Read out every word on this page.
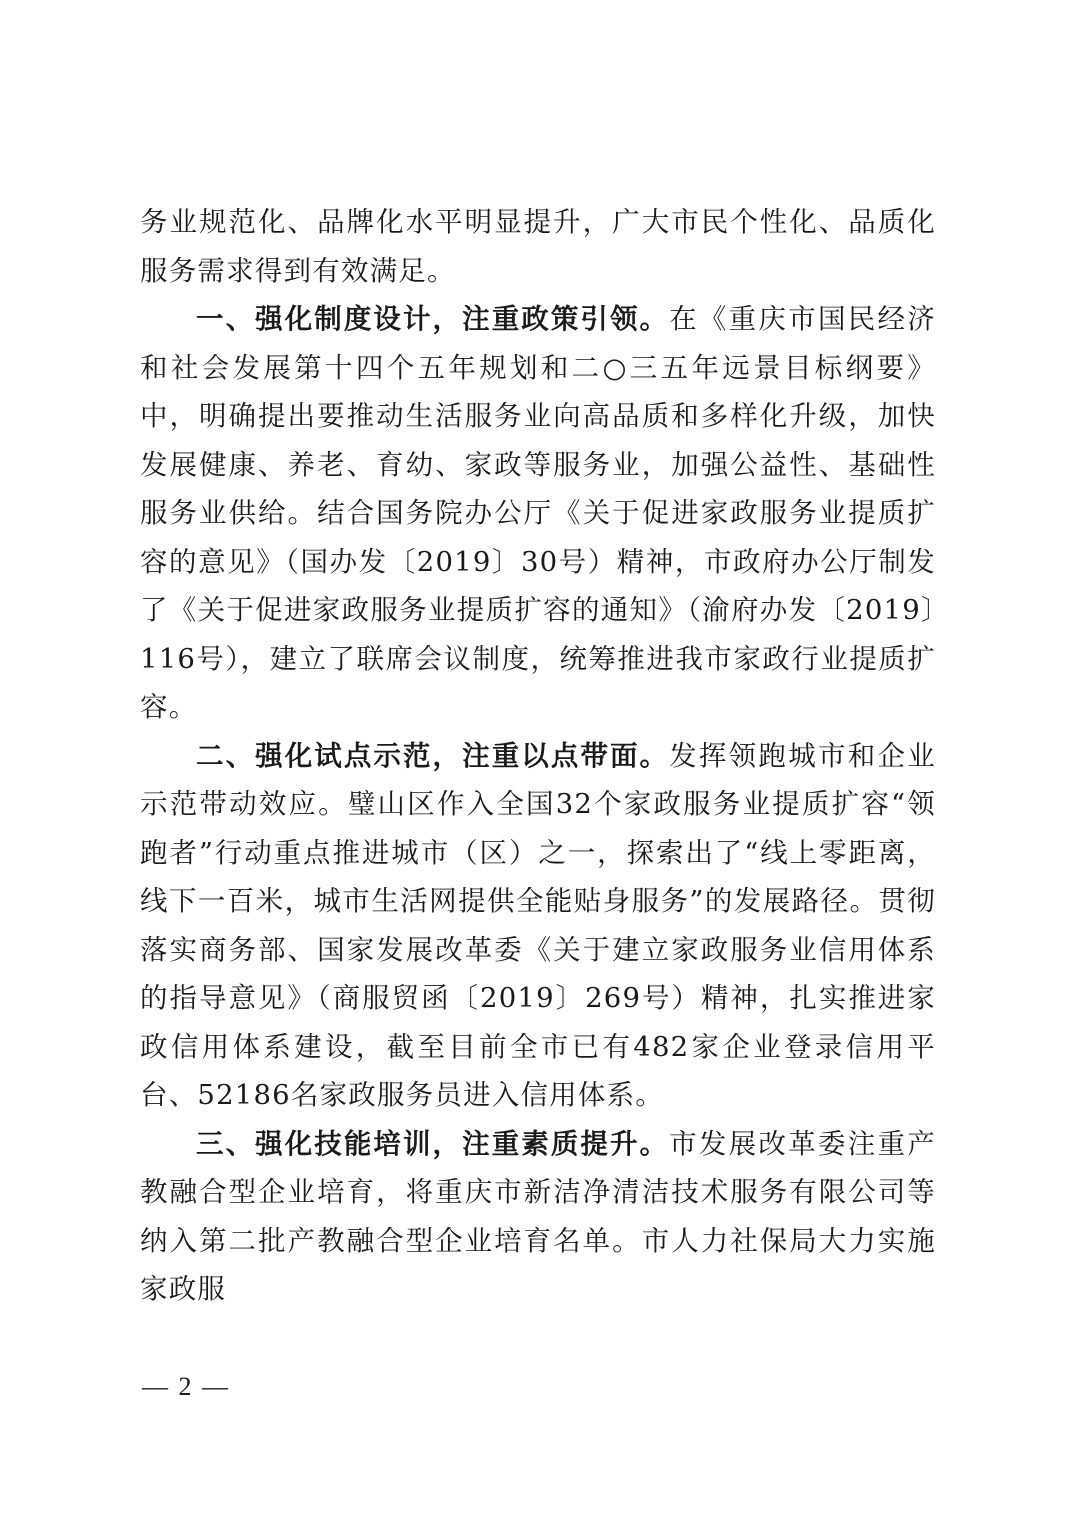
务业规范化、品牌化水平明显提升，广大市民个性化、品质化服务需求得到有效满足。

一、强化制度设计，注重政策引领。在《重庆市国民经济和社会发展第十四个五年规划和二○三五年远景目标纲要》中，明确提出要推动生活服务业向高品质和多样化升级，加快发展健康、养老、育幼、家政等服务业，加强公益性、基础性服务业供给。结合国务院办公厅《关于促进家政服务业提质扩容的意见》（国办发〔2019〕30号）精神，市政府办公厅制发了《关于促进家政服务业提质扩容的通知》（渝府办发〔2019〕116号），建立了联席会议制度，统筹推进我市家政行业提质扩容。

二、强化试点示范，注重以点带面。发挥领跑城市和企业示范带动效应。璧山区作入全国32个家政服务业提质扩容“领跑者”行动重点推进城市（区）之一，探索出了“线上零距离，线下一百米，城市生活网提供全能贴身服务”的发展路径。贯彻落实商务部、国家发展改革委《关于建立家政服务业信用体系的指导意见》（商服贸函〔2019〕269号）精神，扎实推进家政信用体系建设，截至目前全市已有482家企业登录信用平台、52186名家政服务员进入信用体系。

三、强化技能培训，注重素质提升。市发展改革委注重产教融合型企业培育，将重庆市新洁净清洁技术服务有限公司等纳入第二批产教融合型企业培育名单。市人力社保局大力实施家政服

— 2 —
